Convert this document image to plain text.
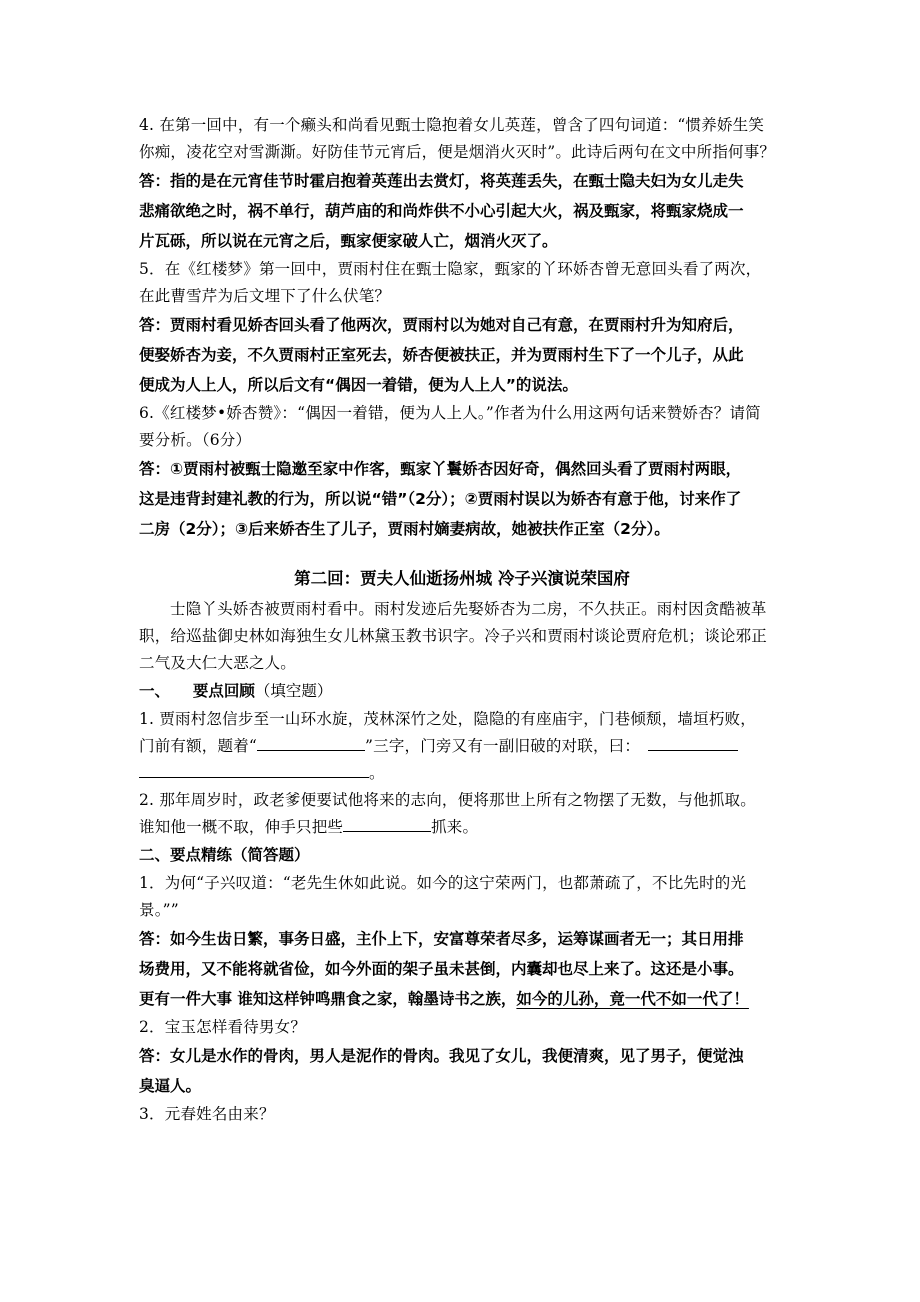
4. 在第一回中，有一个癞头和尚看见甄士隐抱着女儿英莲，曾含了四句词道：“惯养娇生笑
你痴，凌花空对雪澌澌。好防佳节元宵后，便是烟消火灭时”。此诗后两句在文中所指何事？
答：指的是在元宵佳节时霍启抱着英莲出去赏灯，将英莲丢失，在甄士隐夫妇为女儿走失
悲痛欲绝之时，祸不单行，葫芦庙的和尚炸供不小心引起大火，祸及甄家，将甄家烧成一
片瓦砾，所以说在元宵之后，甄家便家破人亡，烟消火灭了。
5．在《红楼梦》第一回中，贾雨村住在甄士隐家，甄家的丫环娇杏曾无意回头看了两次，
在此曹雪芹为后文埋下了什么伏笔？
答：贾雨村看见娇杏回头看了他两次，贾雨村以为她对自己有意，在贾雨村升为知府后，
便娶娇杏为妾，不久贾雨村正室死去，娇杏便被扶正，并为贾雨村生下了一个儿子，从此
便成为人上人，所以后文有“偶因一着错，便为人上人”的说法。
6.《红楼梦•娇杏赞》：“偶因一着错，便为人上人。”作者为什么用这两句话来赞娇杏？请简
要分析。（6分）
答：①贾雨村被甄士隐邀至家中作客，甄家丫鬟娇杏因好奇，偶然回头看了贾雨村两眼，
这是违背封建礼教的行为，所以说“错”（2分）；②贾雨村误以为娇杏有意于他，讨来作了
二房（2分）；③后来娇杏生了儿子，贾雨村嫡妻病故，她被扶作正室（2分）。
第二回：贾夫人仙逝扬州城 冷子兴演说荣国府
士隐丫头娇杏被贾雨村看中。雨村发迹后先娶娇杏为二房，不久扶正。雨村因贪酷被革
职，给巡盐御史林如海独生女儿林黛玉教书识字。冷子兴和贾雨村谈论贾府危机；谈论邪正
二气及大仁大恶之人。
一、 要点回顾（填空题）
1. 贾雨村忽信步至一山环水旋，茂林深竹之处，隐隐的有座庙宇，门巷倾颓，墙垣朽败，
门前有额，题着“	”三字，门旁又有一副旧破的对联，曰：
。
2. 那年周岁时，政老爹便要试他将来的志向，便将那世上所有之物摆了无数，与他抓取。
谁知他一概不取，伸手只把些	抓来。
二、要点精练（简答题）
1．为何“子兴叹道：“老先生休如此说。如今的这宁荣两门，也都萧疏了，不比先时的光
景。””
答：如今生齿日繁，事务日盛，主仆上下，安富尊荣者尽多，运筹谋画者无一；其日用排
场费用，又不能将就省俭，如今外面的架子虽未甚倒，内囊却也尽上来了。这还是小事。
更有一件大事 谁知这样钟鸣鼎食之家，翰墨诗书之族，如今的儿孙，竟一代不如一代了！
2．宝玉怎样看待男女？
答：女儿是水作的骨肉，男人是泥作的骨肉。我见了女儿，我便清爽，见了男子，便觉浊
臭逼人。
3．元春姓名由来？
